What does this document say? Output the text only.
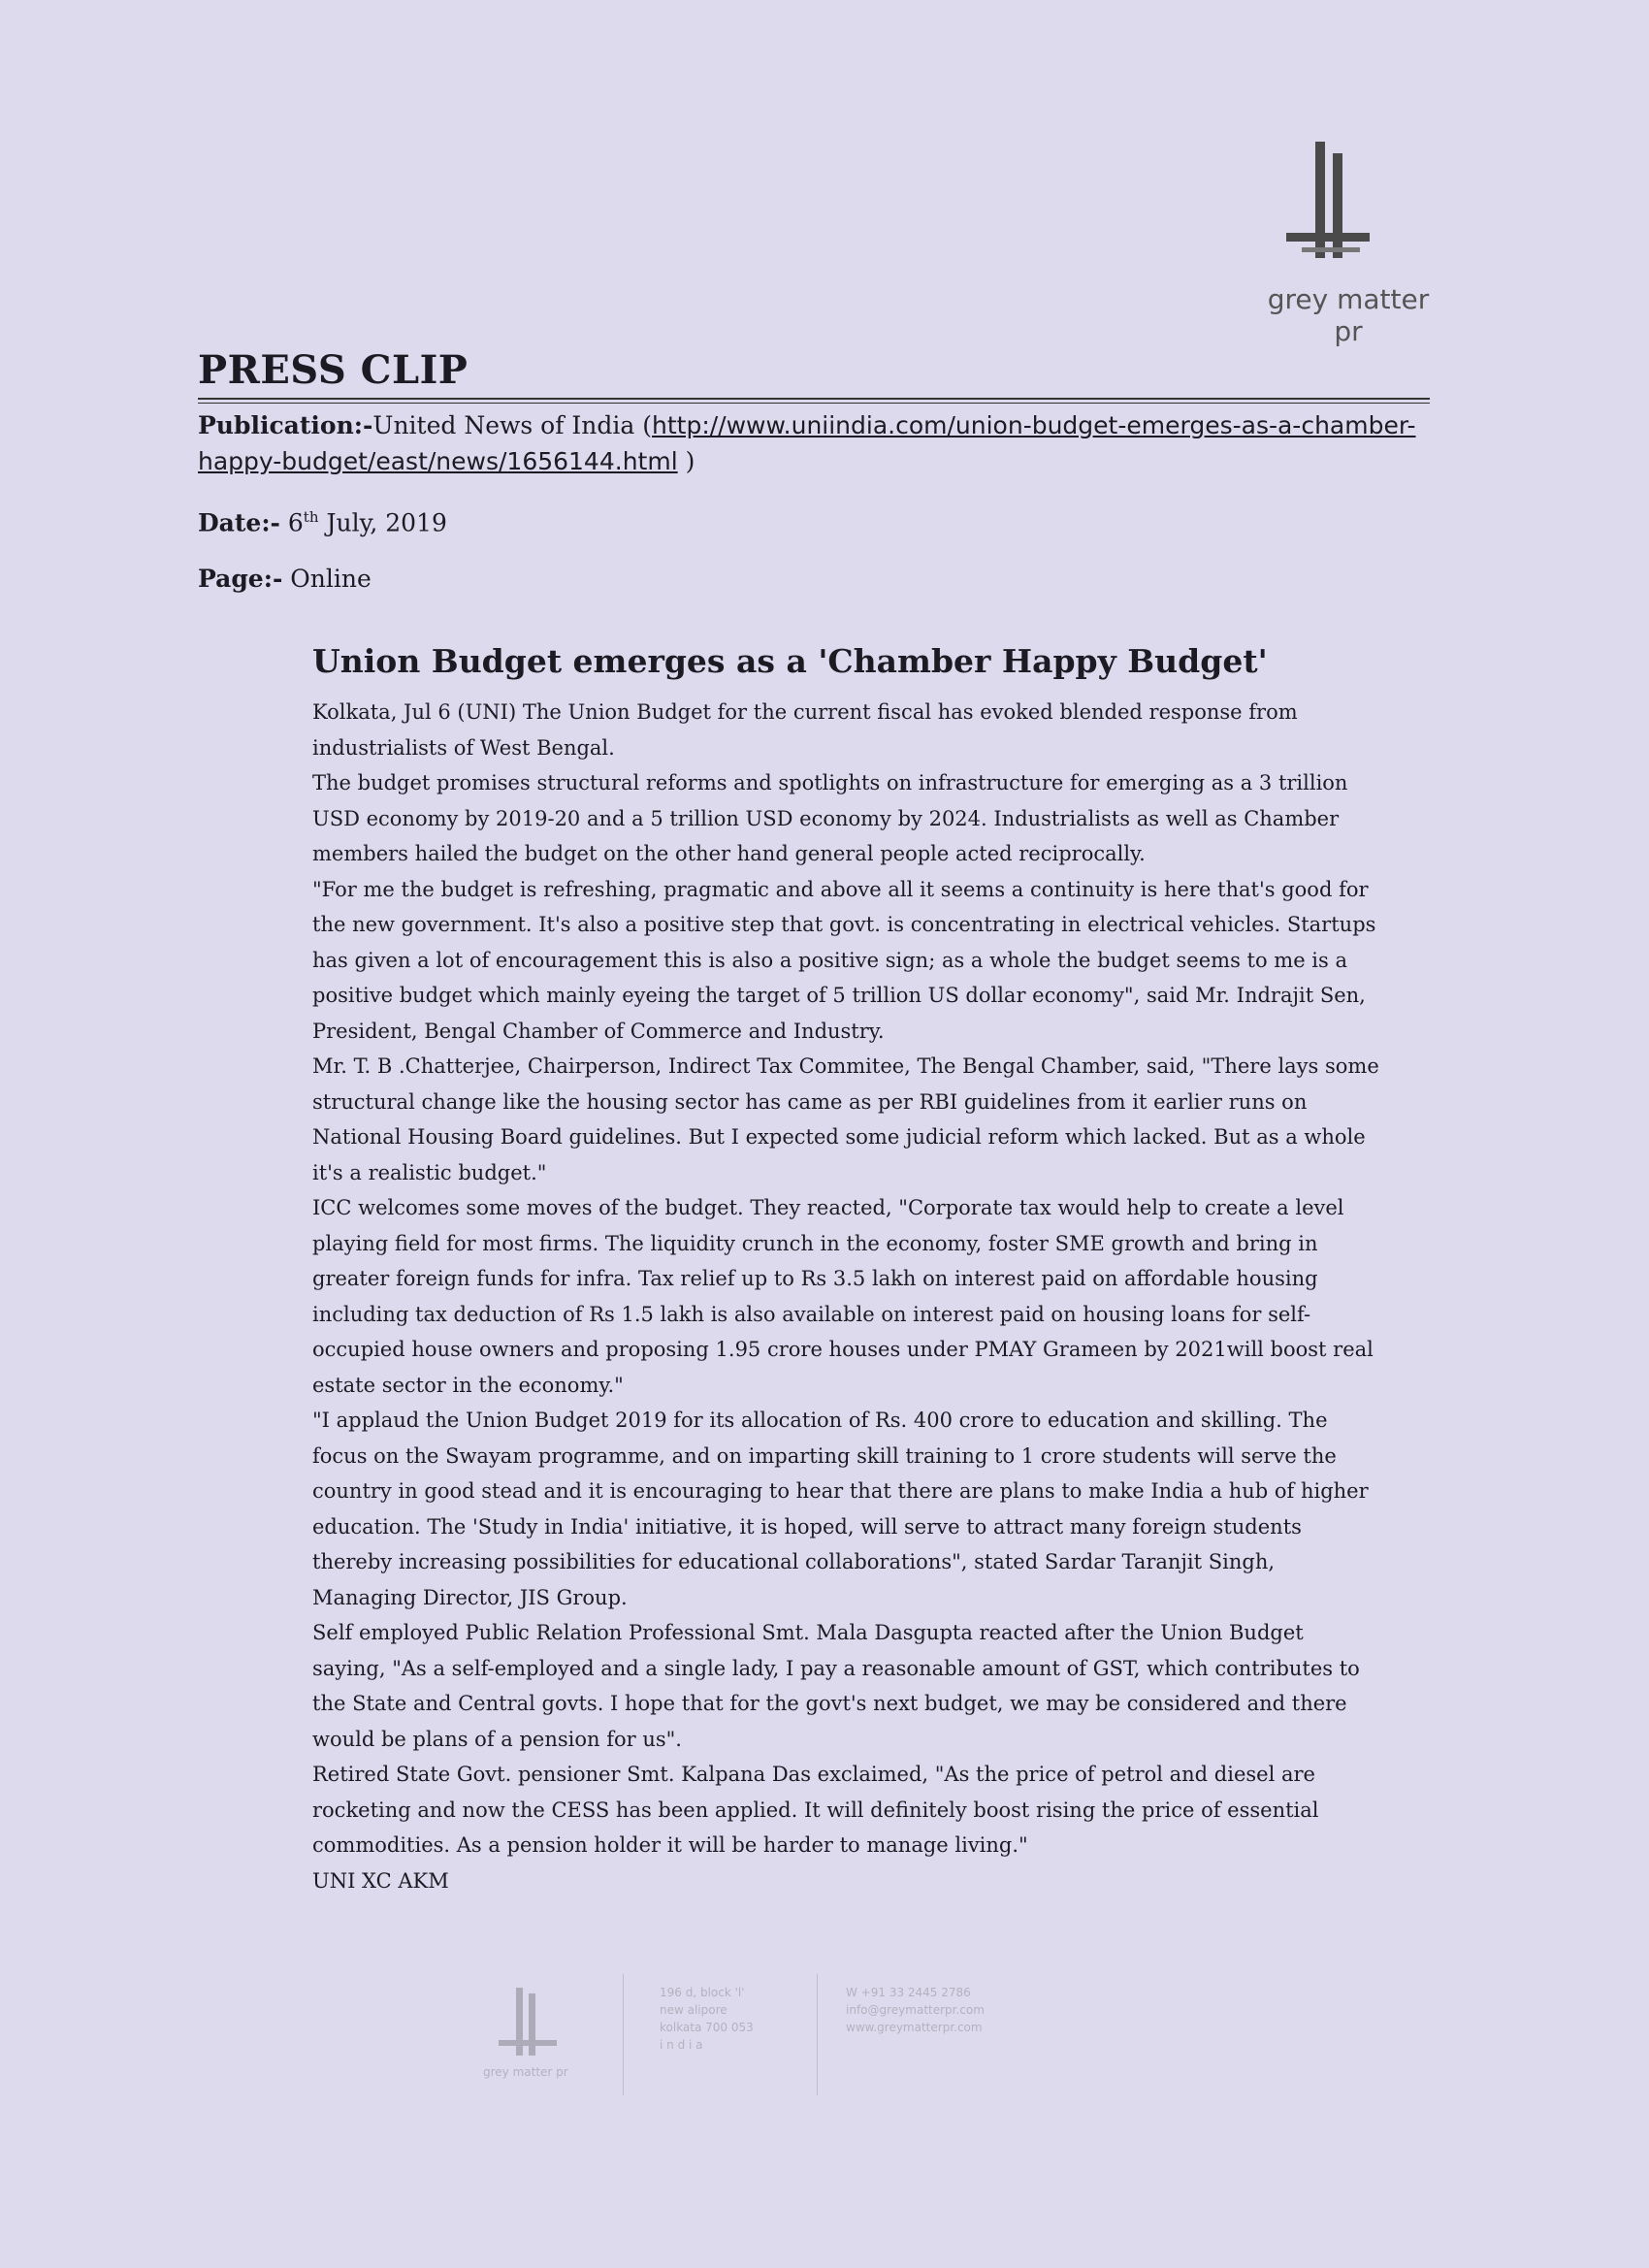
grey matter pr
PRESS CLIP
Publication:-United News of India (http://www.uniindia.com/union-budget-emerges-as-a-chamber-happy-budget/east/news/1656144.html )
Date:- 6th July, 2019
Page:- Online
Union Budget emerges as a 'Chamber Happy Budget'

Kolkata, Jul 6 (UNI) The Union Budget for the current fiscal has evoked blended response from industrialists of West Bengal.

The budget promises structural reforms and spotlights on infrastructure for emerging as a 3 trillion USD economy by 2019-20 and a 5 trillion USD economy by 2024. Industrialists as well as Chamber members hailed the budget on the other hand general people acted reciprocally.

"For me the budget is refreshing, pragmatic and above all it seems a continuity is here that's good for the new government. It's also a positive step that govt. is concentrating in electrical vehicles. Startups has given a lot of encouragement this is also a positive sign; as a whole the budget seems to me is a positive budget which mainly eyeing the target of 5 trillion US dollar economy", said Mr. Indrajit Sen, President, Bengal Chamber of Commerce and Industry.

Mr. T. B .Chatterjee, Chairperson, Indirect Tax Commitee, The Bengal Chamber, said, "There lays some structural change like the housing sector has came as per RBI guidelines from it earlier runs on National Housing Board guidelines. But I expected some judicial reform which lacked. But as a whole it's a realistic budget."

ICC welcomes some moves of the budget. They reacted, "Corporate tax would help to create a level playing field for most firms. The liquidity crunch in the economy, foster SME growth and bring in greater foreign funds for infra. Tax relief up to Rs 3.5 lakh on interest paid on affordable housing including tax deduction of Rs 1.5 lakh is also available on interest paid on housing loans for self-occupied house owners and proposing 1.95 crore houses under PMAY Grameen by 2021will boost real estate sector in the economy."

"I applaud the Union Budget 2019 for its allocation of Rs. 400 crore to education and skilling. The focus on the Swayam programme, and on imparting skill training to 1 crore students will serve the country in good stead and it is encouraging to hear that there are plans to make India a hub of higher education. The 'Study in India' initiative, it is hoped, will serve to attract many foreign students thereby increasing possibilities for educational collaborations", stated Sardar Taranjit Singh, Managing Director, JIS Group.

Self employed Public Relation Professional Smt. Mala Dasgupta reacted after the Union Budget saying, "As a self-employed and a single lady, I pay a reasonable amount of GST, which contributes to the State and Central govts. I hope that for the govt's next budget, we may be considered and there would be plans of a pension for us".

Retired State Govt. pensioner Smt. Kalpana Das exclaimed, "As the price of petrol and diesel are rocketing and now the CESS has been applied. It will definitely boost rising the price of essential commodities. As a pension holder it will be harder to manage living."

UNI XC AKM

grey matter pr
196 d, block 'l'
new alipore
kolkata 700 053
i n d i a
W +91 33 2445 2786
info@greymatterpr.com
www.greymatterpr.com
